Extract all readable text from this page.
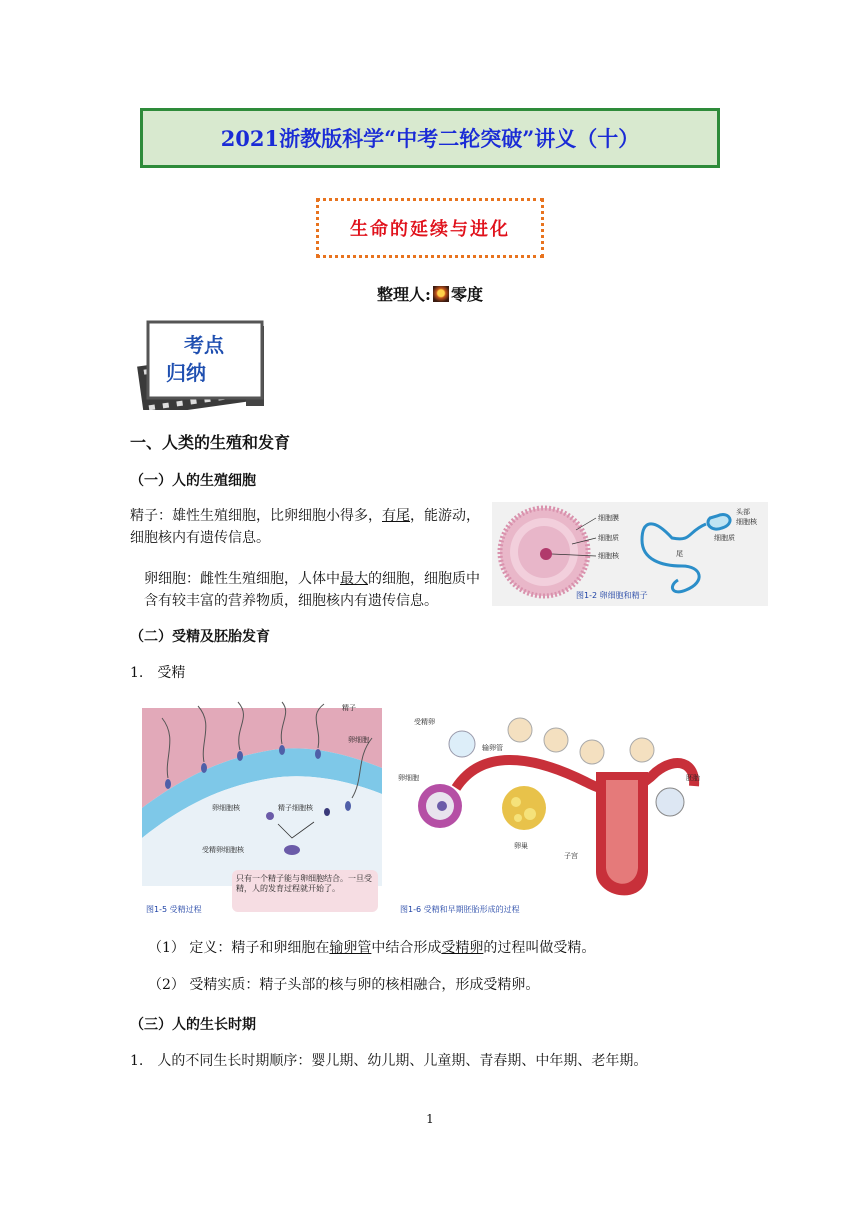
2021浙教版科学“中考二轮突破”讲义（十）
生命的延续与进化
整理人: 零度
考点
归纳
一、人类的生殖和发育
（一）人的生殖细胞
精子：雄性生殖细胞，比卵细胞小得多，有尾，能游动，细胞核内有遗传信息。
卵细胞：雌性生殖细胞，人体中最大的细胞，细胞质中含有较丰富的营养物质，细胞核内有遗传信息。
细胞膜
细胞质
细胞核
头部
细胞核
细胞质
尾
图1-2 卵细胞和精子
（二）受精及胚胎发育
1.　受精
精子
卵细胞
卵细胞核	精子细胞核
受精卵细胞核
只有一个精子能与卵细胞结合。一旦受精，人的发育过程就开始了。
图1-5 受精过程
受精卵
输卵管
卵细胞
卵巢
子宫
胚胎
图1-6 受精和早期胚胎形成的过程
（1） 定义：精子和卵细胞在输卵管中结合形成受精卵的过程叫做受精。
（2） 受精实质：精子头部的核与卵的核相融合，形成受精卵。
（三）人的生长时期
1.　人的不同生长时期顺序：婴儿期、幼儿期、儿童期、青春期、中年期、老年期。
1
